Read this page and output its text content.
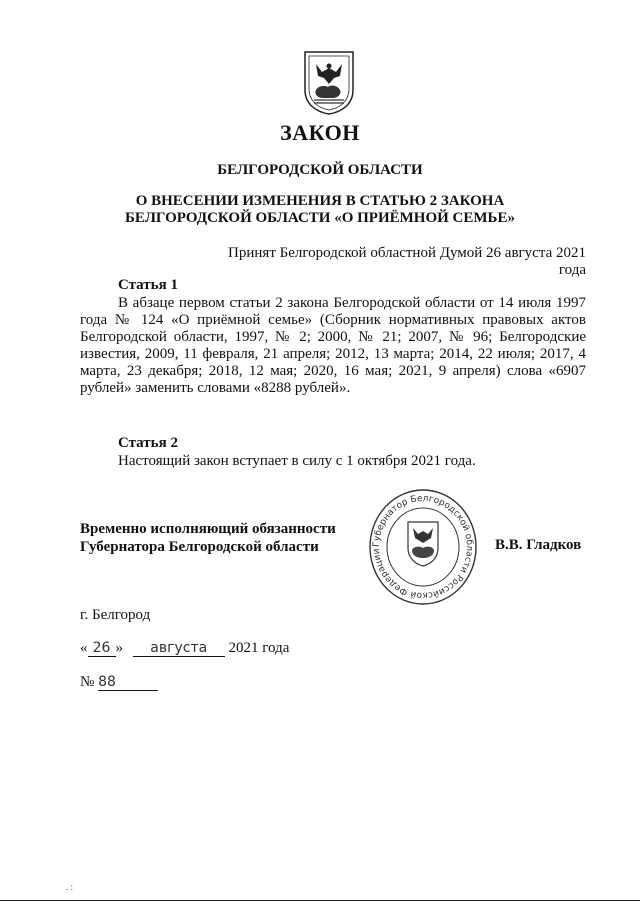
ЗАКОН
БЕЛГОРОДСКОЙ ОБЛАСТИ
О ВНЕСЕНИИ ИЗМЕНЕНИЯ В СТАТЬЮ 2 ЗАКОНА
БЕЛГОРОДСКОЙ ОБЛАСТИ «О ПРИЁМНОЙ СЕМЬЕ»
Принят Белгородской областной Думой 26 августа 2021 года
Статья 1
В абзаце первом статьи 2 закона Белгородской области от 14 июля 1997 года № 124 «О приёмной семье» (Сборник нормативных правовых актов Белгородской области, 1997, № 2; 2000, № 21; 2007, № 96; Белгородские известия, 2009, 11 февраля, 21 апреля; 2012, 13 марта; 2014, 22 июля; 2017, 4 марта, 23 декабря; 2018, 12 мая; 2020, 16 мая; 2021, 9 апреля) слова «6907 рублей» заменить словами «8288 рублей».
Статья 2
Настоящий закон вступает в силу с 1 октября 2021 года.
Временно исполняющий обязанности
Губернатора Белгородской области	Губернатор Белгородской области Российской Федерации	В.В. Гладков
г. Белгород
« 26 » августа 2021 года
№ 88
. :
